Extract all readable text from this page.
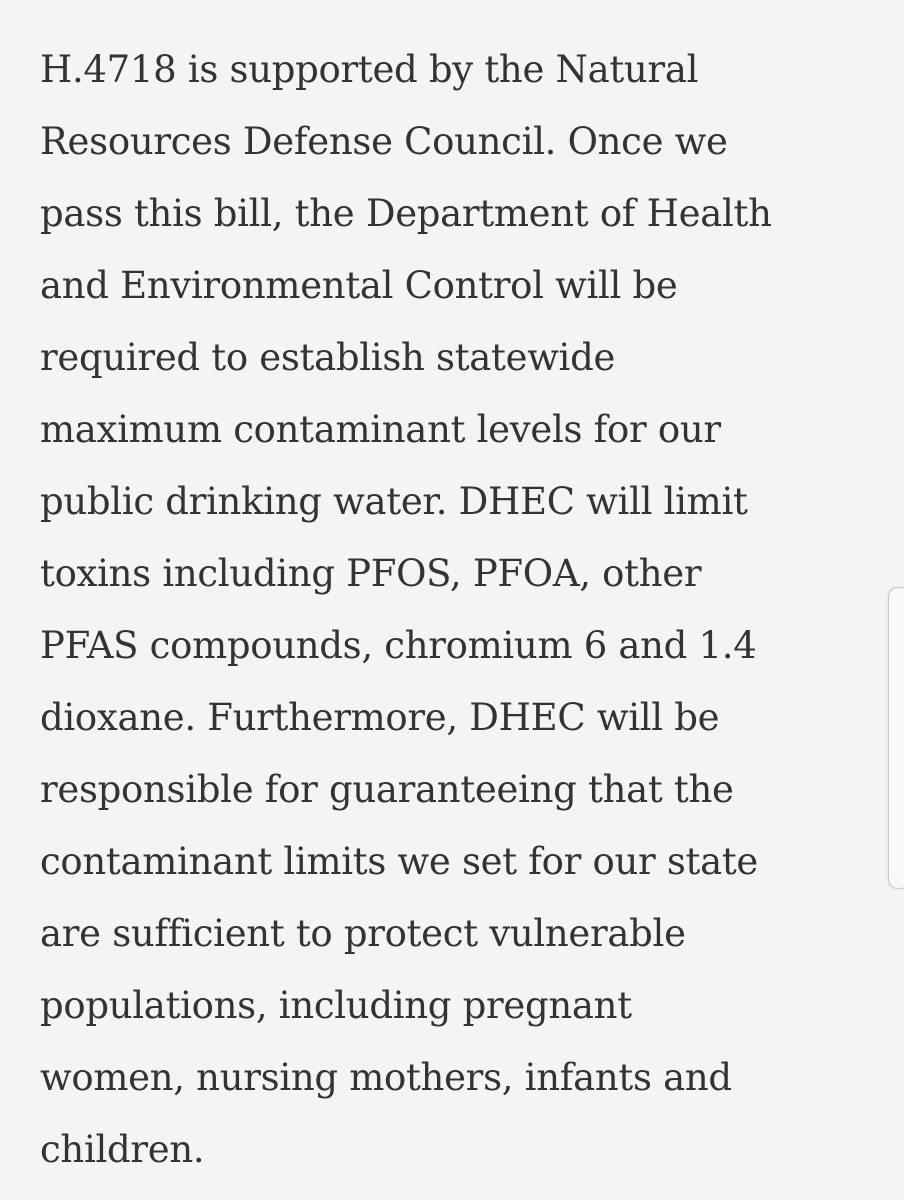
H.4718 is supported by the Natural
Resources Defense Council. Once we
pass this bill, the Department of Health
and Environmental Control will be
required to establish statewide
maximum contaminant levels for our
public drinking water. DHEC will limit
toxins including PFOS, PFOA, other
PFAS compounds, chromium 6 and 1.4
dioxane. Furthermore, DHEC will be
responsible for guaranteeing that the
contaminant limits we set for our state
are sufficient to protect vulnerable
populations, including pregnant
women, nursing mothers, infants and
children.
